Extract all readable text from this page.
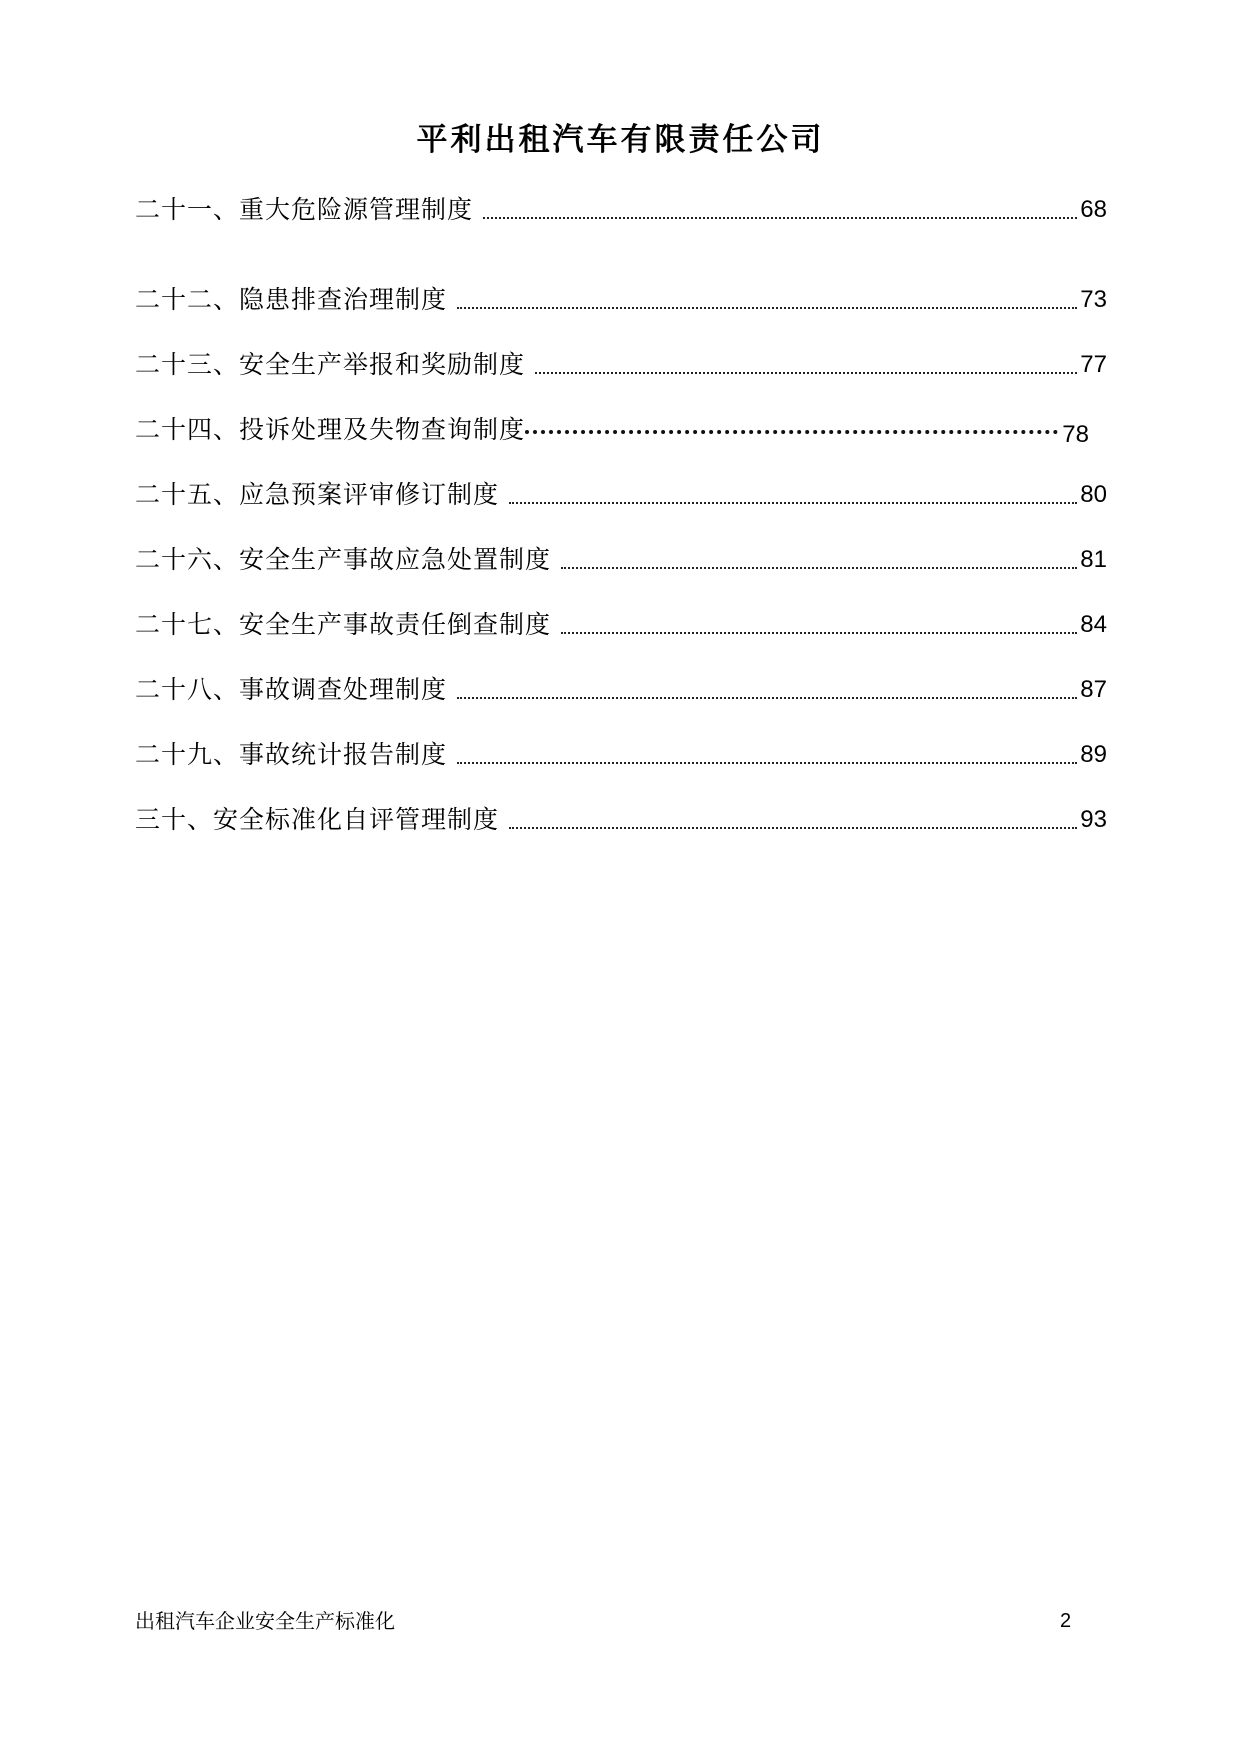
平利出租汽车有限责任公司
二十一、重大危险源管理制度	68
二十二、隐患排查治理制度	73
二十三、安全生产举报和奖励制度	77
二十四、投诉处理及失物查询制度	78
二十五、应急预案评审修订制度	80
二十六、安全生产事故应急处置制度	81
二十七、安全生产事故责任倒查制度	84
二十八、事故调查处理制度	87
二十九、事故统计报告制度	89
三十、安全标准化自评管理制度	93
出租汽车企业安全生产标准化	2
